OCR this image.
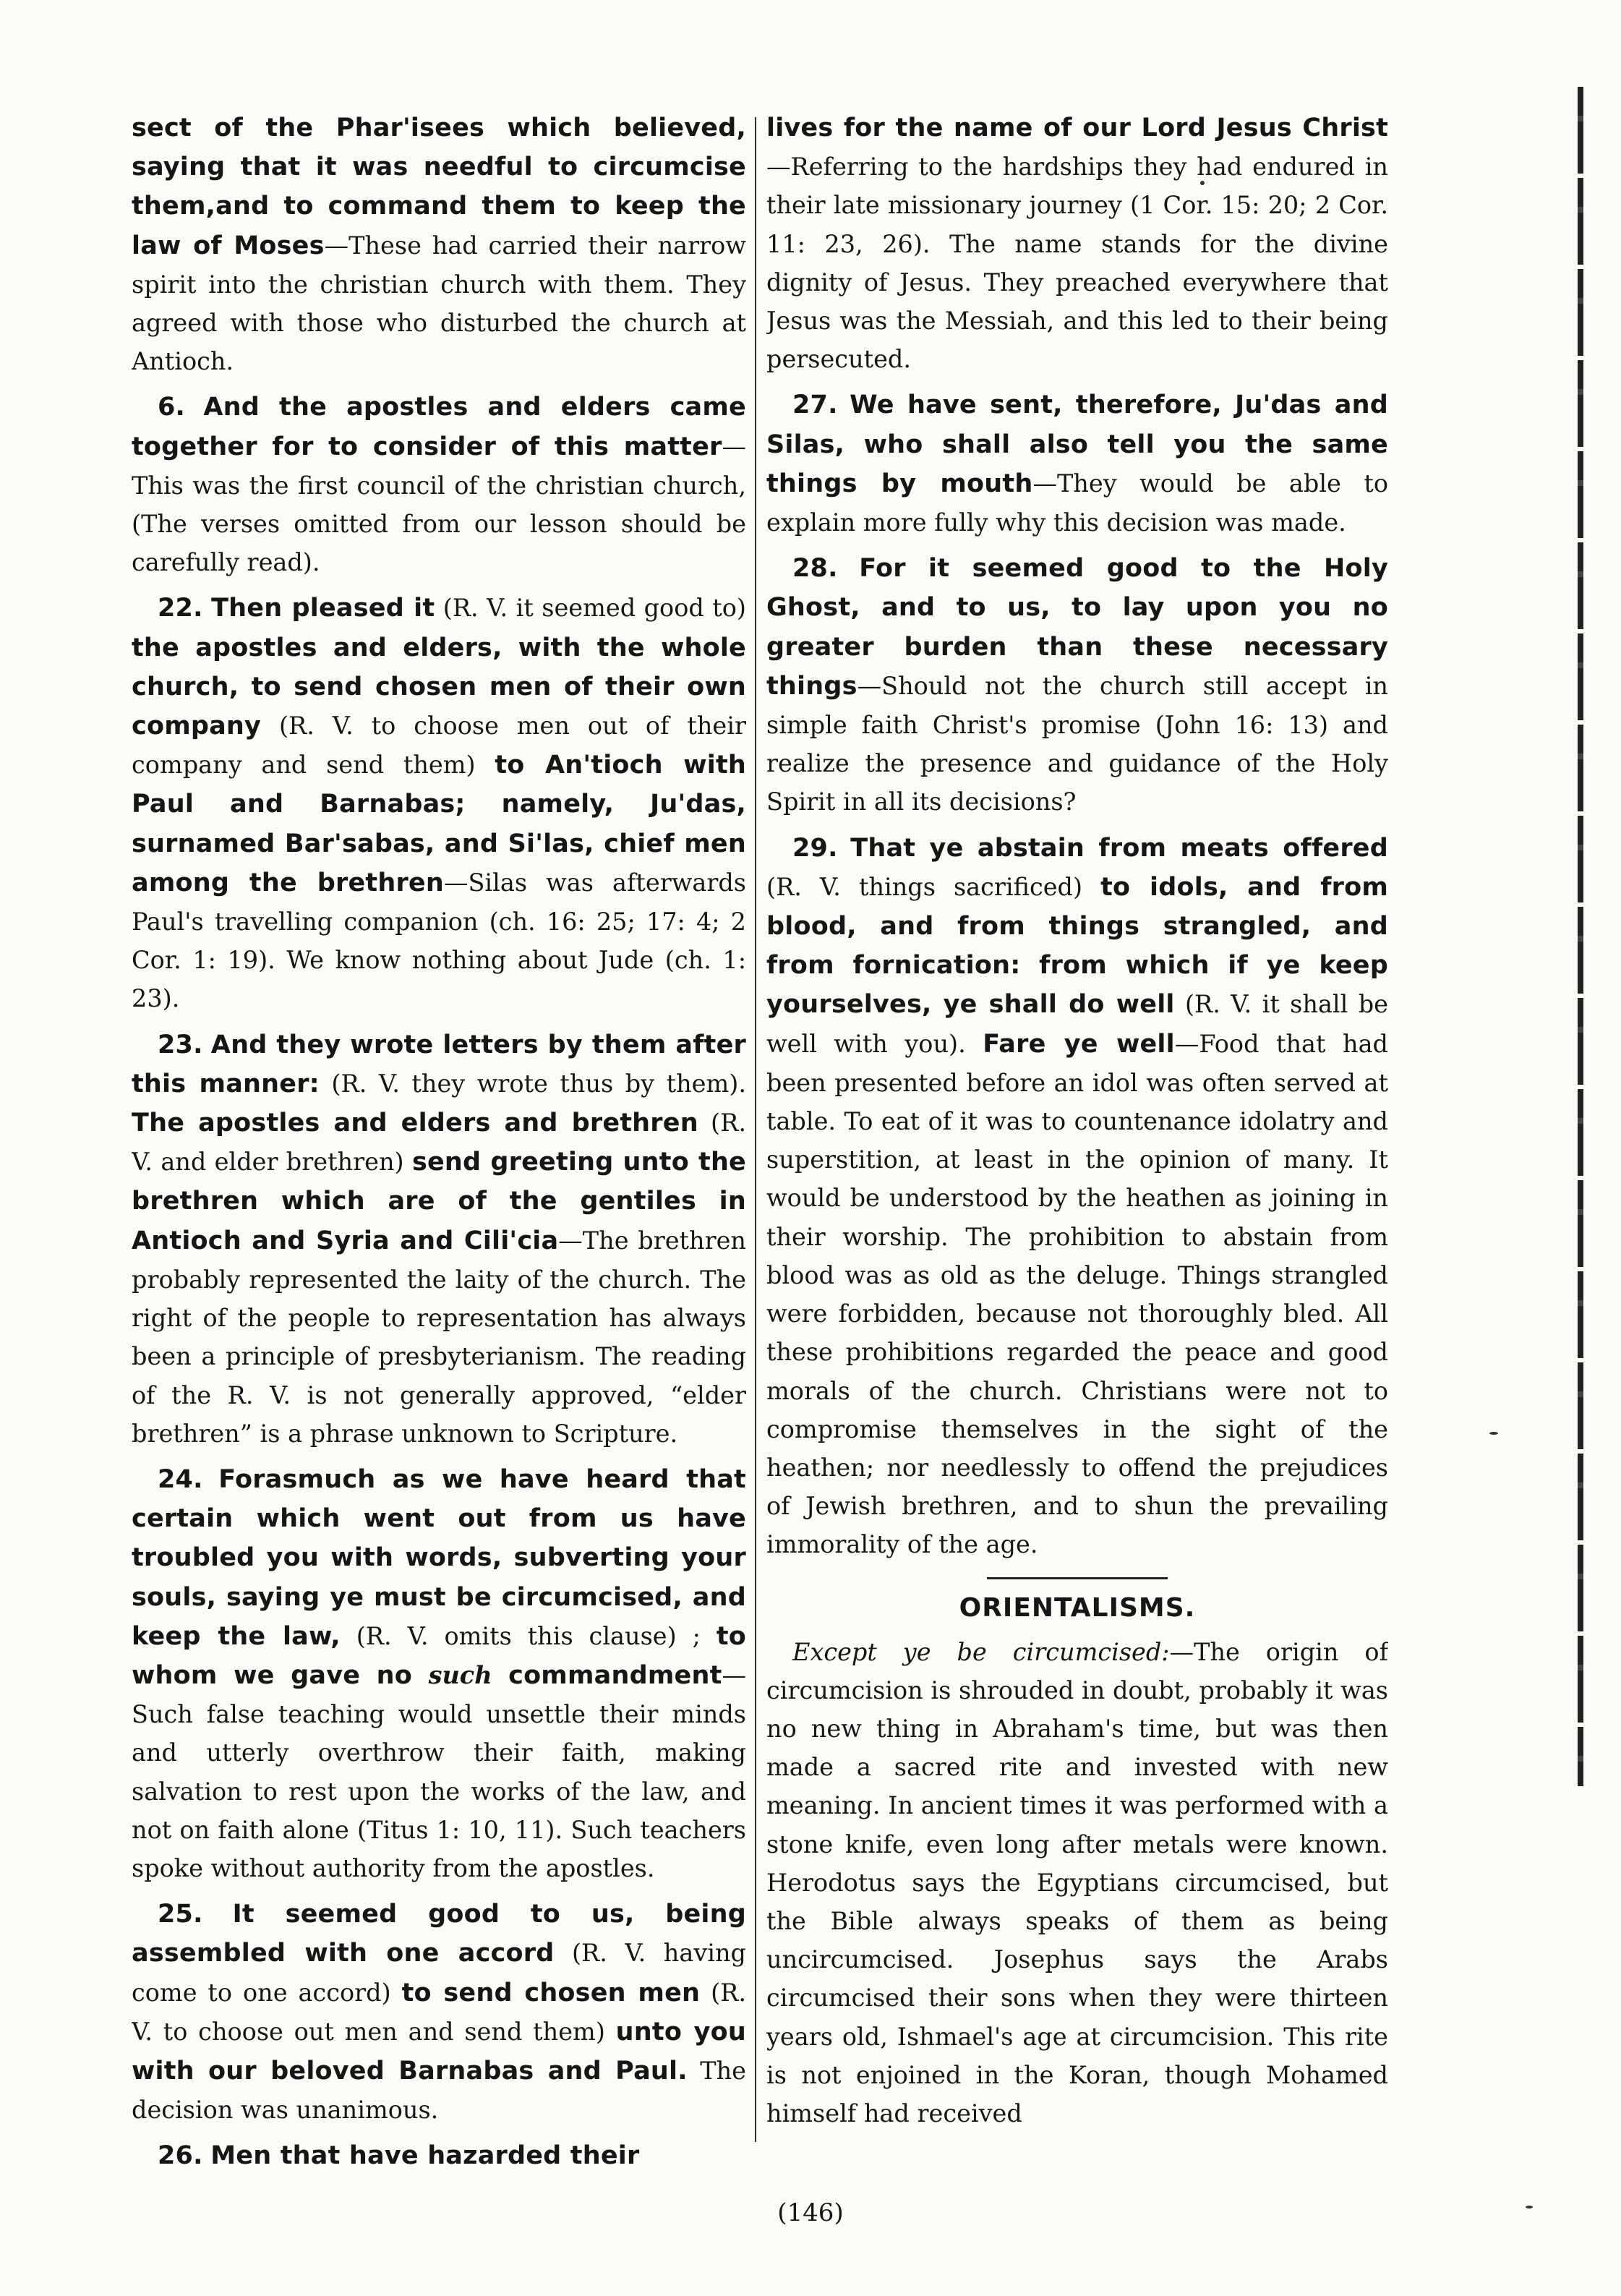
sect of the Phar'isees which believed, saying that it was needful to circumcise them,and to command them to keep the law of Moses—These had carried their narrow spirit into the christian church with them. They agreed with those who disturbed the church at Antioch.

6. And the apostles and elders came together for to consider of this matter—This was the first council of the christian church, (The verses omitted from our lesson should be carefully read).

22. Then pleased it (R. V. it seemed good to) the apostles and elders, with the whole church, to send chosen men of their own company (R. V. to choose men out of their company and send them) to An'tioch with Paul and Barnabas; namely, Ju'das, surnamed Bar'sabas, and Si'las, chief men among the brethren—Silas was afterwards Paul's travelling companion (ch. 16: 25; 17: 4; 2 Cor. 1: 19). We know nothing about Jude (ch. 1: 23).

23. And they wrote letters by them after this manner: (R. V. they wrote thus by them). The apostles and elders and brethren (R. V. and elder brethren) send greeting unto the brethren which are of the gentiles in Antioch and Syria and Cili'cia—The brethren probably represented the laity of the church. The right of the people to representation has always been a principle of presbyterianism. The reading of the R. V. is not generally approved, “elder brethren” is a phrase unknown to Scripture.

24. Forasmuch as we have heard that certain which went out from us have troubled you with words, subverting your souls, saying ye must be circumcised, and keep the law, (R. V. omits this clause) ; to whom we gave no such commandment—Such false teaching would unsettle their minds and utterly overthrow their faith, making salvation to rest upon the works of the law, and not on faith alone (Titus 1: 10, 11). Such teachers spoke without authority from the apostles.

25. It seemed good to us, being assembled with one accord (R. V. having come to one accord) to send chosen men (R. V. to choose out men and send them) unto you with our beloved Barnabas and Paul. The decision was unanimous.

26. Men that have hazarded their

lives for the name of our Lord Jesus Christ—Referring to the hardships they had endured in their late missionary journey (1 Cor. 15: 20; 2 Cor. 11: 23, 26). The name stands for the divine dignity of Jesus. They preached everywhere that Jesus was the Messiah, and this led to their being persecuted.

27. We have sent, therefore, Ju'das and Silas, who shall also tell you the same things by mouth—They would be able to explain more fully why this decision was made.

28. For it seemed good to the Holy Ghost, and to us, to lay upon you no greater burden than these necessary things—Should not the church still accept in simple faith Christ's promise (John 16: 13) and realize the presence and guidance of the Holy Spirit in all its decisions?

29. That ye abstain from meats offered (R. V. things sacrificed) to idols, and from blood, and from things strangled, and from fornication: from which if ye keep yourselves, ye shall do well (R. V. it shall be well with you). Fare ye well—Food that had been presented before an idol was often served at table. To eat of it was to countenance idolatry and superstition, at least in the opinion of many. It would be understood by the heathen as joining in their worship. The prohibition to abstain from blood was as old as the deluge. Things strangled were forbidden, because not thoroughly bled. All these prohibitions regarded the peace and good morals of the church. Christians were not to compromise themselves in the sight of the heathen; nor needlessly to offend the prejudices of Jewish brethren, and to shun the prevailing immorality of the age.

ORIENTALISMS.

Except ye be circumcised:—The origin of circumcision is shrouded in doubt, probably it was no new thing in Abraham's time, but was then made a sacred rite and invested with new meaning. In ancient times it was performed with a stone knife, even long after metals were known. Herodotus says the Egyptians circumcised, but the Bible always speaks of them as being uncircumcised. Josephus says the Arabs circumcised their sons when they were thirteen years old, Ishmael's age at circumcision. This rite is not enjoined in the Koran, though Mohamed himself had received

(146)
